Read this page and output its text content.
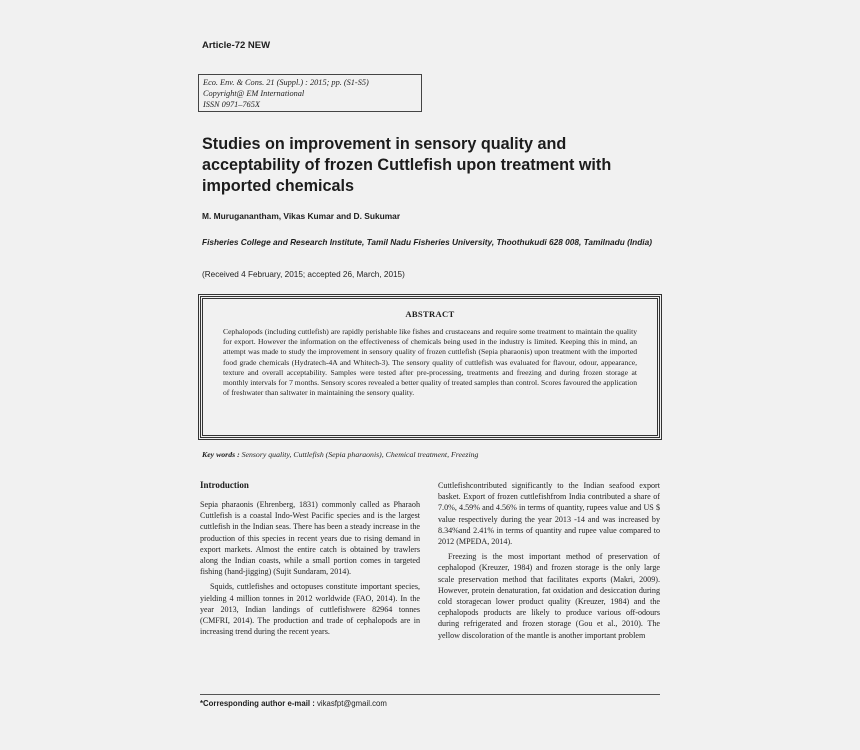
Article-72 NEW
Eco. Env. & Cons. 21 (Suppl.) : 2015; pp. (S1-S5)
Copyright@ EM International
ISSN 0971–765X
Studies on improvement in sensory quality and acceptability of frozen Cuttlefish upon treatment with imported chemicals
M. Muruganantham, Vikas Kumar and D. Sukumar
Fisheries College and Research Institute, Tamil Nadu Fisheries University, Thoothukudi 628 008, Tamilnadu (India)
(Received 4 February, 2015; accepted 26, March, 2015)
ABSTRACT
Cephalopods (including cuttlefish) are rapidly perishable like fishes and crustaceans and require some treatment to maintain the quality for export. However the information on the effectiveness of chemicals being used in the industry is limited. Keeping this in mind, an attempt was made to study the improvement in sensory quality of frozen cuttlefish (Sepia pharaonis) upon treatment with the imported food grade chemicals (Hydratech-4A and Whitech-3). The sensory quality of cuttlefish was evaluated for flavour, odour, appearance, texture and overall acceptability. Samples were tested after pre-processing, treatments and freezing and during frozen storage at monthly intervals for 7 months. Sensory scores revealed a better quality of treated samples than control. Scores favoured the application of freshwater than saltwater in maintaining the sensory quality.
Key words : Sensory quality, Cuttlefish (Sepia pharaonis), Chemical treatment, Freezing
Introduction

Sepia pharaonis (Ehrenberg, 1831) commonly called as Pharaoh Cuttlefish is a coastal Indo-West Pacific species and is the largest cuttlefish in the Indian seas. There has been a steady increase in the production of this species in recent years due to rising demand in export markets. Almost the entire catch is obtained by trawlers along the Indian coasts, while a small portion comes in targeted fishing (hand-jigging) (Sujit Sundaram, 2014).

Squids, cuttlefishes and octopuses constitute important species, yielding 4 million tonnes in 2012 worldwide (FAO, 2014). In the year 2013, Indian landings of cuttlefishwere 82964 tonnes (CMFRI, 2014). The production and trade of cephalopods are in increasing trend during the recent years.

Cuttlefishcontributed significantly to the Indian seafood export basket. Export of frozen cuttlefishfrom India contributed a share of 7.0%, 4.59% and 4.56% in terms of quantity, rupees value and US $ value respectively during the year 2013 -14 and was increased by 8.34%and 2.41% in terms of quantity and rupee value compared to 2012 (MPEDA, 2014).

Freezing is the most important method of preservation of cephalopod (Kreuzer, 1984) and frozen storage is the only large scale preservation method that facilitates exports (Makri, 2009). However, protein denaturation, fat oxidation and desiccation during cold storagecan lower product quality (Kreuzer, 1984) and the cephalopods products are likely to produce various off-odours during refrigerated and frozen storage (Gou et al., 2010). The yellow discoloration of the mantle is another important problem

*Corresponding author e-mail : vikasfpt@gmail.com
